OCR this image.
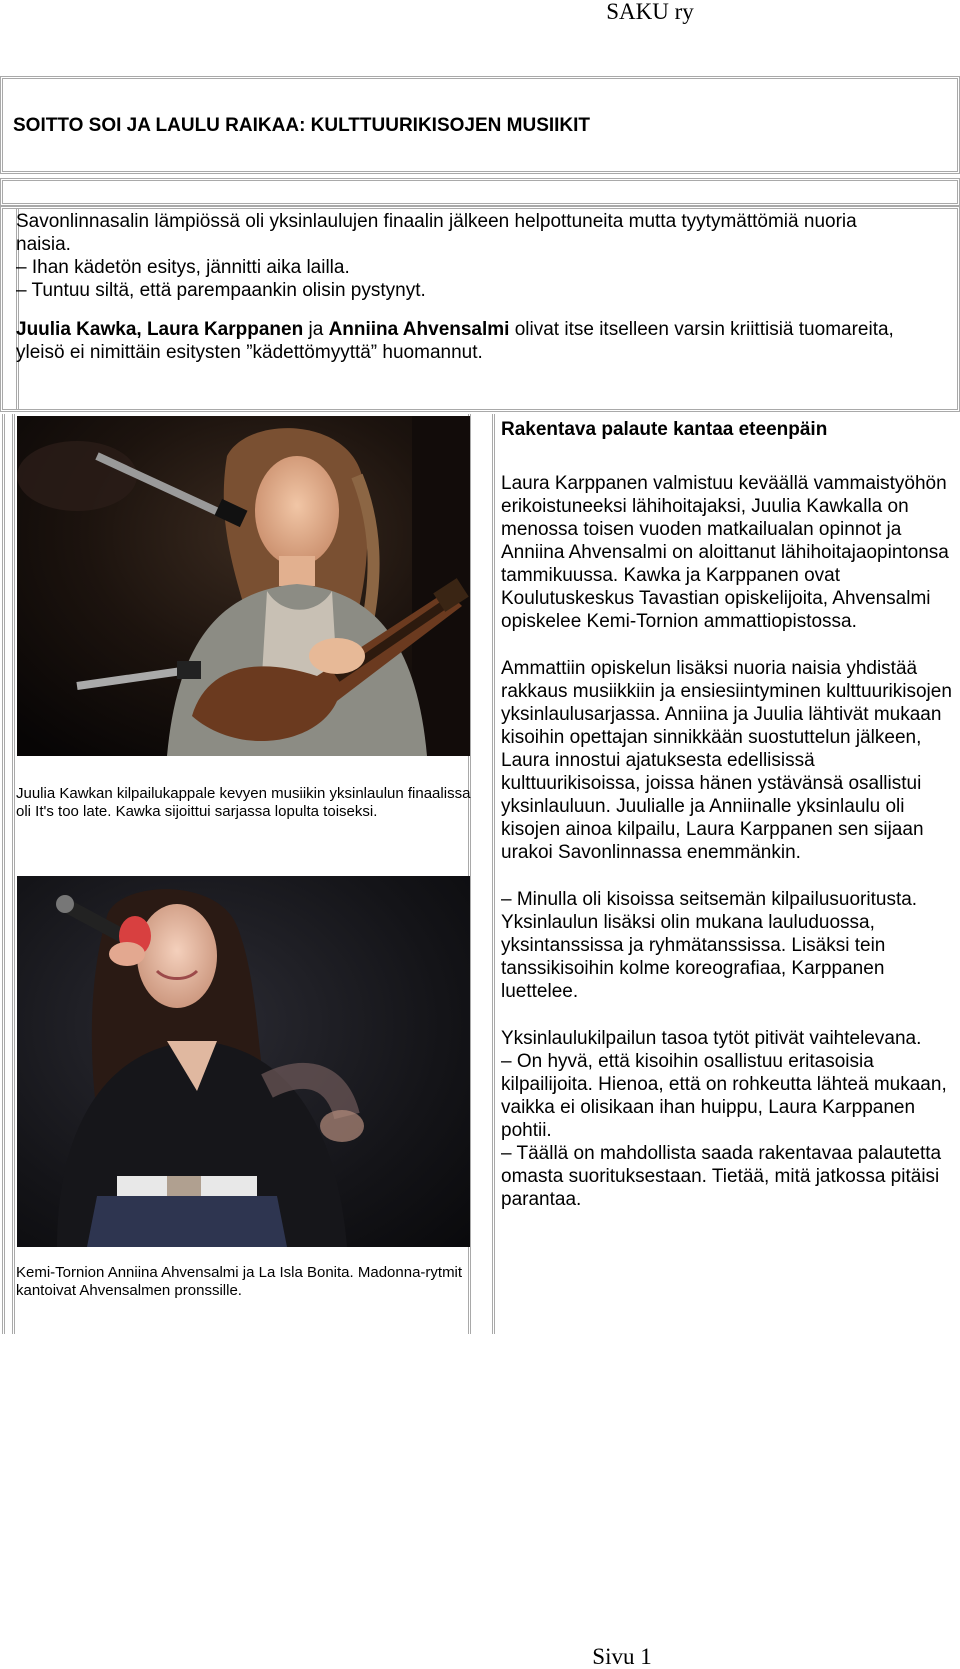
SAKU ry
SOITTO SOI JA LAULU RAIKAA: KULTTUURIKISOJEN MUSIIKIT

Savonlinnasalin lämpiössä oli yksinlaulujen finaalin jälkeen helpottuneita mutta tyytymättömiä nuoria naisia.
– Ihan kädetön esitys, jännitti aika lailla.
– Tuntuu siltä, että parempaankin olisin pystynyt.

Juulia Kawka, Laura Karppanen ja Anniina Ahvensalmi olivat itse itselleen varsin kriittisiä tuomareita, yleisö ei nimittäin esitysten ”kädettömyyttä” huomannut.

Juulia Kawkan kilpailukappale kevyen musiikin yksinlaulun finaalissa oli It's too late. Kawka sijoittui sarjassa lopulta toiseksi.
Kemi-Tornion Anniina Ahvensalmi ja La Isla Bonita. Madonna-rytmit kantoivat Ahvensalmen pronssille.
Rakentava palaute kantaa eteenpäin

Laura Karppanen valmistuu keväällä vammaistyöhön erikoistuneeksi lähihoitajaksi, Juulia Kawkalla on menossa toisen vuoden matkailualan opinnot ja Anniina Ahvensalmi on aloittanut lähihoitajaopintonsa tammikuussa. Kawka ja Karppanen ovat Koulutuskeskus Tavastian opiskelijoita, Ahvensalmi opiskelee Kemi-Tornion ammattiopistossa.

Ammattiin opiskelun lisäksi nuoria naisia yhdistää rakkaus musiikkiin ja ensiesiintyminen kulttuurikisojen yksinlaulusarjassa. Anniina ja Juulia lähtivät mukaan kisoihin opettajan sinnikkään suostuttelun jälkeen, Laura innostui ajatuksesta edellisissä kulttuurikisoissa, joissa hänen ystävänsä osallistui yksinlauluun. Juulialle ja Anniinalle yksinlaulu oli kisojen ainoa kilpailu, Laura Karppanen sen sijaan urakoi Savonlinnassa enemmänkin.

– Minulla oli kisoissa seitsemän kilpailusuoritusta. Yksinlaulun lisäksi olin mukana lauluduossa, yksintanssissa ja ryhmätanssissa. Lisäksi tein tanssikisoihin kolme koreografiaa, Karppanen luettelee.

Yksinlaulukilpailun tasoa tytöt pitivät vaihtelevana.
– On hyvä, että kisoihin osallistuu eritasoisia kilpailijoita. Hienoa, että on rohkeutta lähteä mukaan, vaikka ei olisikaan ihan huippu, Laura Karppanen pohtii.
– Täällä on mahdollista saada rakentavaa palautetta omasta suorituksestaan. Tietää, mitä jatkossa pitäisi parantaa.

Sivu 1
